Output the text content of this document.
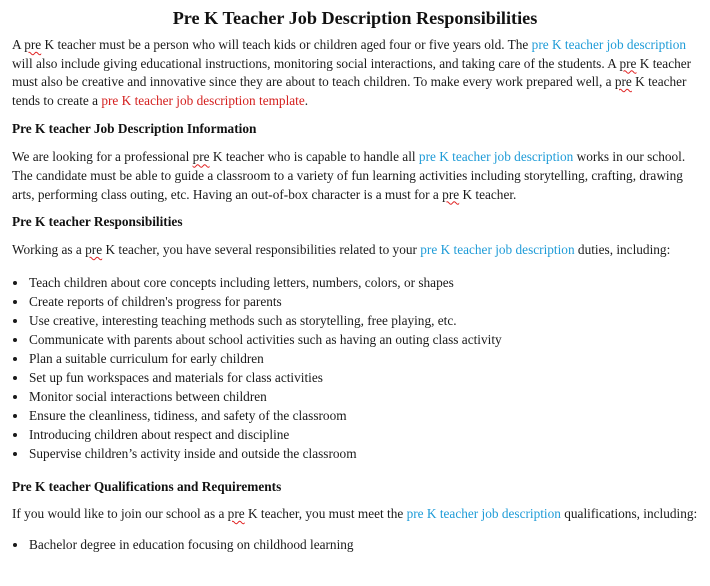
Pre K Teacher Job Description Responsibilities

A pre K teacher must be a person who will teach kids or children aged four or five years old. The pre K teacher job description will also include giving educational instructions, monitoring social interactions, and taking care of the students. A pre K teacher must also be creative and innovative since they are about to teach children. To make every work prepared well, a pre K teacher tends to create a pre K teacher job description template.

Pre K teacher Job Description Information

We are looking for a professional pre K teacher who is capable to handle all pre K teacher job description works in our school. The candidate must be able to guide a classroom to a variety of fun learning activities including storytelling, crafting, drawing arts, performing class outing, etc. Having an out-of-box character is a must for a pre K teacher.

Pre K teacher Responsibilities

Working as a pre K teacher, you have several responsibilities related to your pre K teacher job description duties, including:

Teach children about core concepts including letters, numbers, colors, or shapes
Create reports of children's progress for parents
Use creative, interesting teaching methods such as storytelling, free playing, etc.
Communicate with parents about school activities such as having an outing class activity
Plan a suitable curriculum for early children
Set up fun workspaces and materials for class activities
Monitor social interactions between children
Ensure the cleanliness, tidiness, and safety of the classroom
Introducing children about respect and discipline
Supervise children’s activity inside and outside the classroom
Pre K teacher Qualifications and Requirements

If you would like to join our school as a pre K teacher, you must meet the pre K teacher job description qualifications, including:

Bachelor degree in education focusing on childhood learning
